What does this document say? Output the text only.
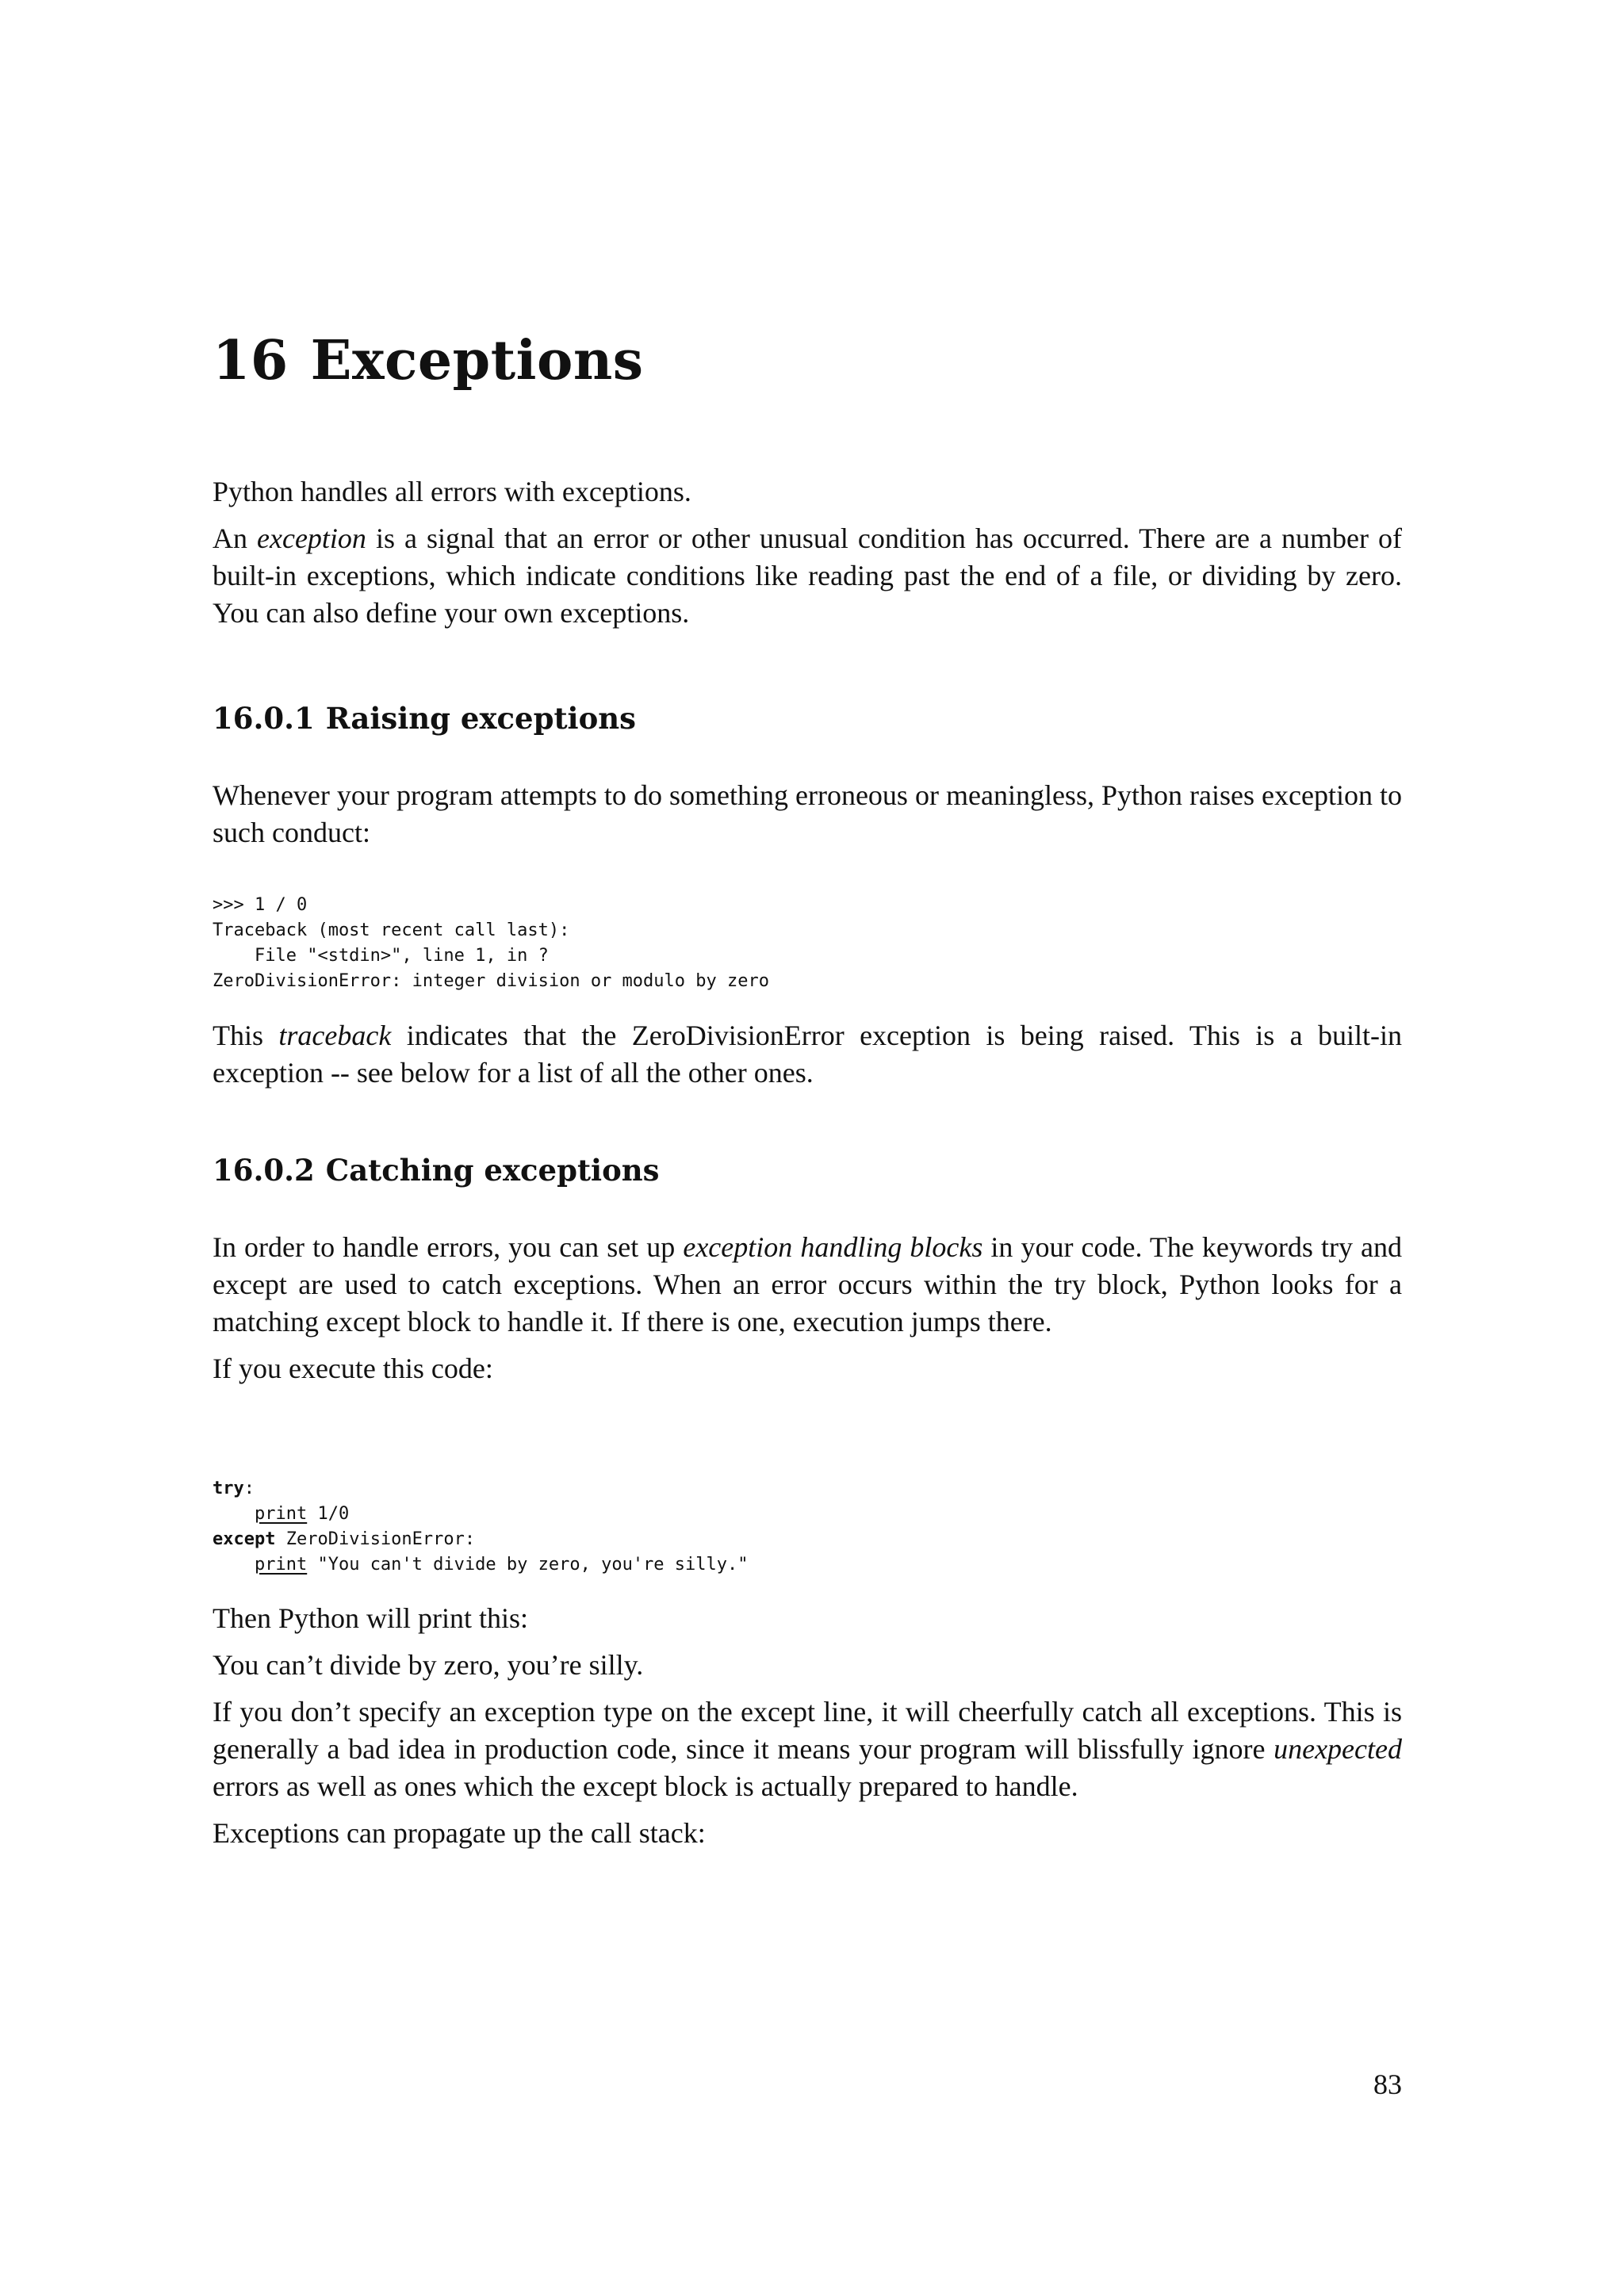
16 Exceptions

Python handles all errors with exceptions.

An exception is a signal that an error or other unusual condition has occurred. There are a number of built-in exceptions, which indicate conditions like reading past the end of a file, or dividing by zero. You can also define your own exceptions.

16.0.1 Raising exceptions

Whenever your program attempts to do something erroneous or meaningless, Python raises exception to such conduct:

>>> 1 / 0
Traceback (most recent call last):
File "<stdin>", line 1, in ?
ZeroDivisionError: integer division or modulo by zero

This traceback indicates that the ZeroDivisionError exception is being raised. This is a built-in exception -- see below for a list of all the other ones.

16.0.2 Catching exceptions

In order to handle errors, you can set up exception handling blocks in your code. The keywords try and except are used to catch exceptions. When an error occurs within the try block, Python looks for a matching except block to handle it. If there is one, execution jumps there.

If you execute this code:

try:
print 1/0
except ZeroDivisionError:
print "You can't divide by zero, you're silly."

Then Python will print this:

You can’t divide by zero, you’re silly.

If you don’t specify an exception type on the except line, it will cheerfully catch all exceptions. This is generally a bad idea in production code, since it means your program will blissfully ignore unexpected errors as well as ones which the except block is actually prepared to handle.

Exceptions can propagate up the call stack:

83
